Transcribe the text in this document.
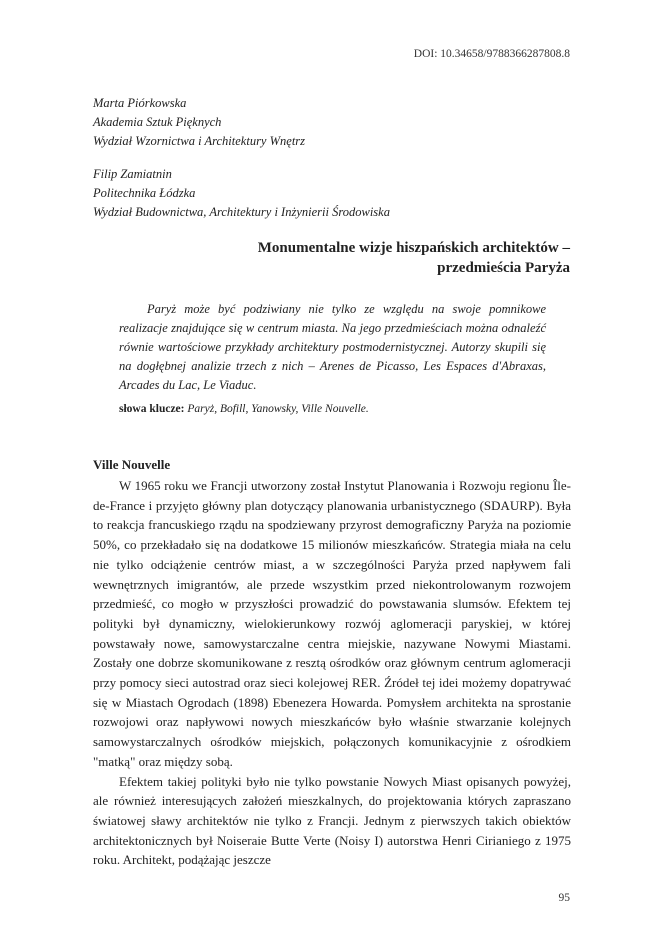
DOI: 10.34658/9788366287808.8
Marta Piórkowska
Akademia Sztuk Pięknych
Wydział Wzornictwa i Architektury Wnętrz
Filip Zamiatnin
Politechnika Łódzka
Wydział Budownictwa, Architektury i Inżynierii Środowiska
Monumentalne wizje hiszpańskich architektów –
przedmieścia Paryża
Paryż może być podziwiany nie tylko ze względu na swoje pomnikowe realizacje znajdujące się w centrum miasta. Na jego przedmieściach można odnaleźć równie wartościowe przykłady architektury postmodernistycznej. Autorzy skupili się na dogłębnej analizie trzech z nich – Arenes de Picasso, Les Espaces d'Abraxas, Arcades du Lac, Le Viaduc.
słowa klucze: Paryż, Bofill, Yanowsky, Ville Nouvelle.
Ville Nouvelle

W 1965 roku we Francji utworzony został Instytut Planowania i Rozwoju regionu Île-de-France i przyjęto główny plan dotyczący planowania urbanistycznego (SDAURP). Była to reakcja francuskiego rządu na spodziewany przyrost demograficzny Paryża na poziomie 50%, co przekładało się na dodatkowe 15 milionów mieszkańców. Strategia miała na celu nie tylko odciążenie centrów miast, a w szczególności Paryża przed napływem fali wewnętrznych imigrantów, ale przede wszystkim przed niekontrolowanym rozwojem przedmieść, co mogło w przyszłości prowadzić do powstawania slumsów. Efektem tej polityki był dynamiczny, wielokierunkowy rozwój aglomeracji paryskiej, w której powstawały nowe, samowystarczalne centra miejskie, nazywane Nowymi Miastami. Zostały one dobrze skomunikowane z resztą ośrodków oraz głównym centrum aglomeracji przy pomocy sieci autostrad oraz sieci kolejowej RER. Źródeł tej idei możemy dopatrywać się w Miastach Ogrodach (1898) Ebenezera Howarda. Pomysłem architekta na sprostanie rozwojowi oraz napływowi nowych mieszkańców było właśnie stwarzanie kolejnych samowystarczalnych ośrodków miejskich, połączonych komunikacyjnie z ośrodkiem "matką" oraz między sobą.

Efektem takiej polityki było nie tylko powstanie Nowych Miast opisanych powyżej, ale również interesujących założeń mieszkalnych, do projektowania których zapraszano światowej sławy architektów nie tylko z Francji. Jednym z pierwszych takich obiektów architektonicznych był Noiseraie Butte Verte (Noisy I) autorstwa Henri Cirianiego z 1975 roku. Architekt, podążając jeszcze

95
